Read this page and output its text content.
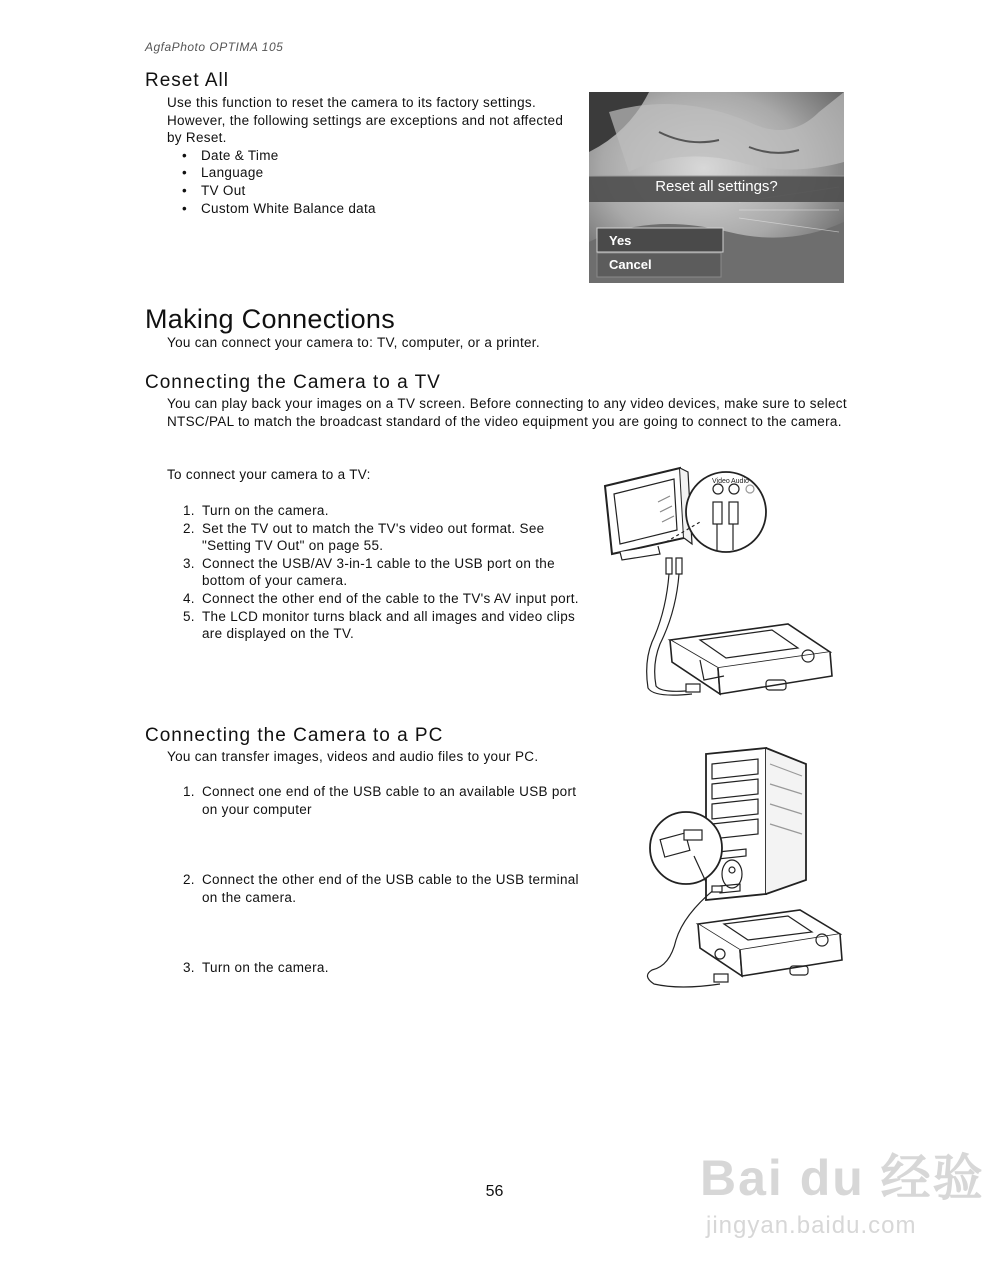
AgfaPhoto OPTIMA 105
Reset All
Use this function to reset the camera to its factory settings. However, the following settings are exceptions and not affected by Reset.
• Date & Time
• Language
• TV Out
• Custom White Balance data
Reset all settings?
Yes
Cancel
Making Connections
You can connect your camera to: TV, computer, or a printer.
Connecting the Camera to a TV
You can play back your images on a TV screen. Before connecting to any video devices, make sure to select NTSC/PAL to match the broadcast standard of the video equipment you are going to connect to the camera.
To connect your camera to a TV:
1. Turn on the camera.
2. Set the TV out to match the TV's video out format. See "Setting TV Out" on page 55.
3. Connect the USB/AV 3-in-1 cable to the USB port on the bottom of your camera.
4. Connect the other end of the cable to the TV's AV input port.
5. The LCD monitor turns black and all images and video clips are displayed on the TV.
Video Audio
Connecting the Camera to a PC
You can transfer images, videos and audio files to your PC.
1. Connect one end of the USB cable to an available USB port on your computer
2. Connect the other end of the USB cable to the USB terminal on the camera.
3. Turn on the camera.
56	Bai du 经验
jingyan.baidu.com
